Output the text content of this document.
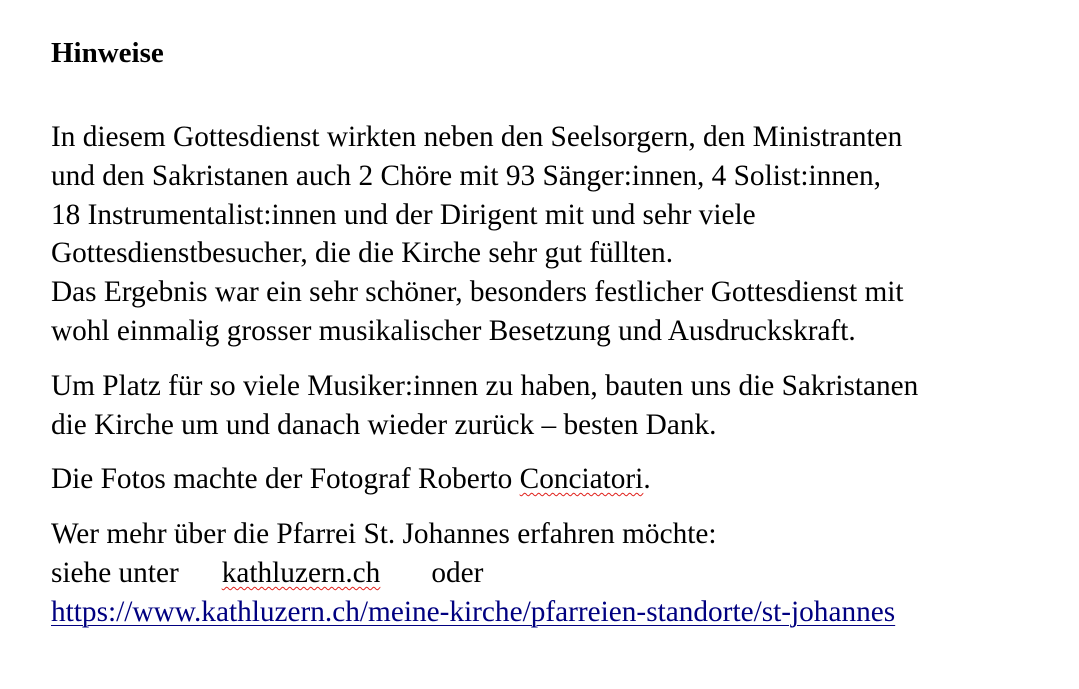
Hinweise
In diesem Gottesdienst wirkten neben den Seelsorgern, den Ministranten
und den Sakristanen auch 2 Chöre mit 93 Sänger:innen, 4 Solist:innen,
18 Instrumentalist:innen und der Dirigent mit und sehr viele
Gottesdienstbesucher, die die Kirche sehr gut füllten.
Das Ergebnis war ein sehr schöner, besonders festlicher Gottesdienst mit
wohl einmalig grosser musikalischer Besetzung und Ausdruckskraft.
Um Platz für so viele Musiker:innen zu haben, bauten uns die Sakristanen
die Kirche um und danach wieder zurück – besten Dank.
Die Fotos machte der Fotograf Roberto Conciatori.
Wer mehr über die Pfarrei St. Johannes erfahren möchte:
siehe unter kathluzern.ch oder
https://www.kathluzern.ch/meine-kirche/pfarreien-standorte/st-johannes
